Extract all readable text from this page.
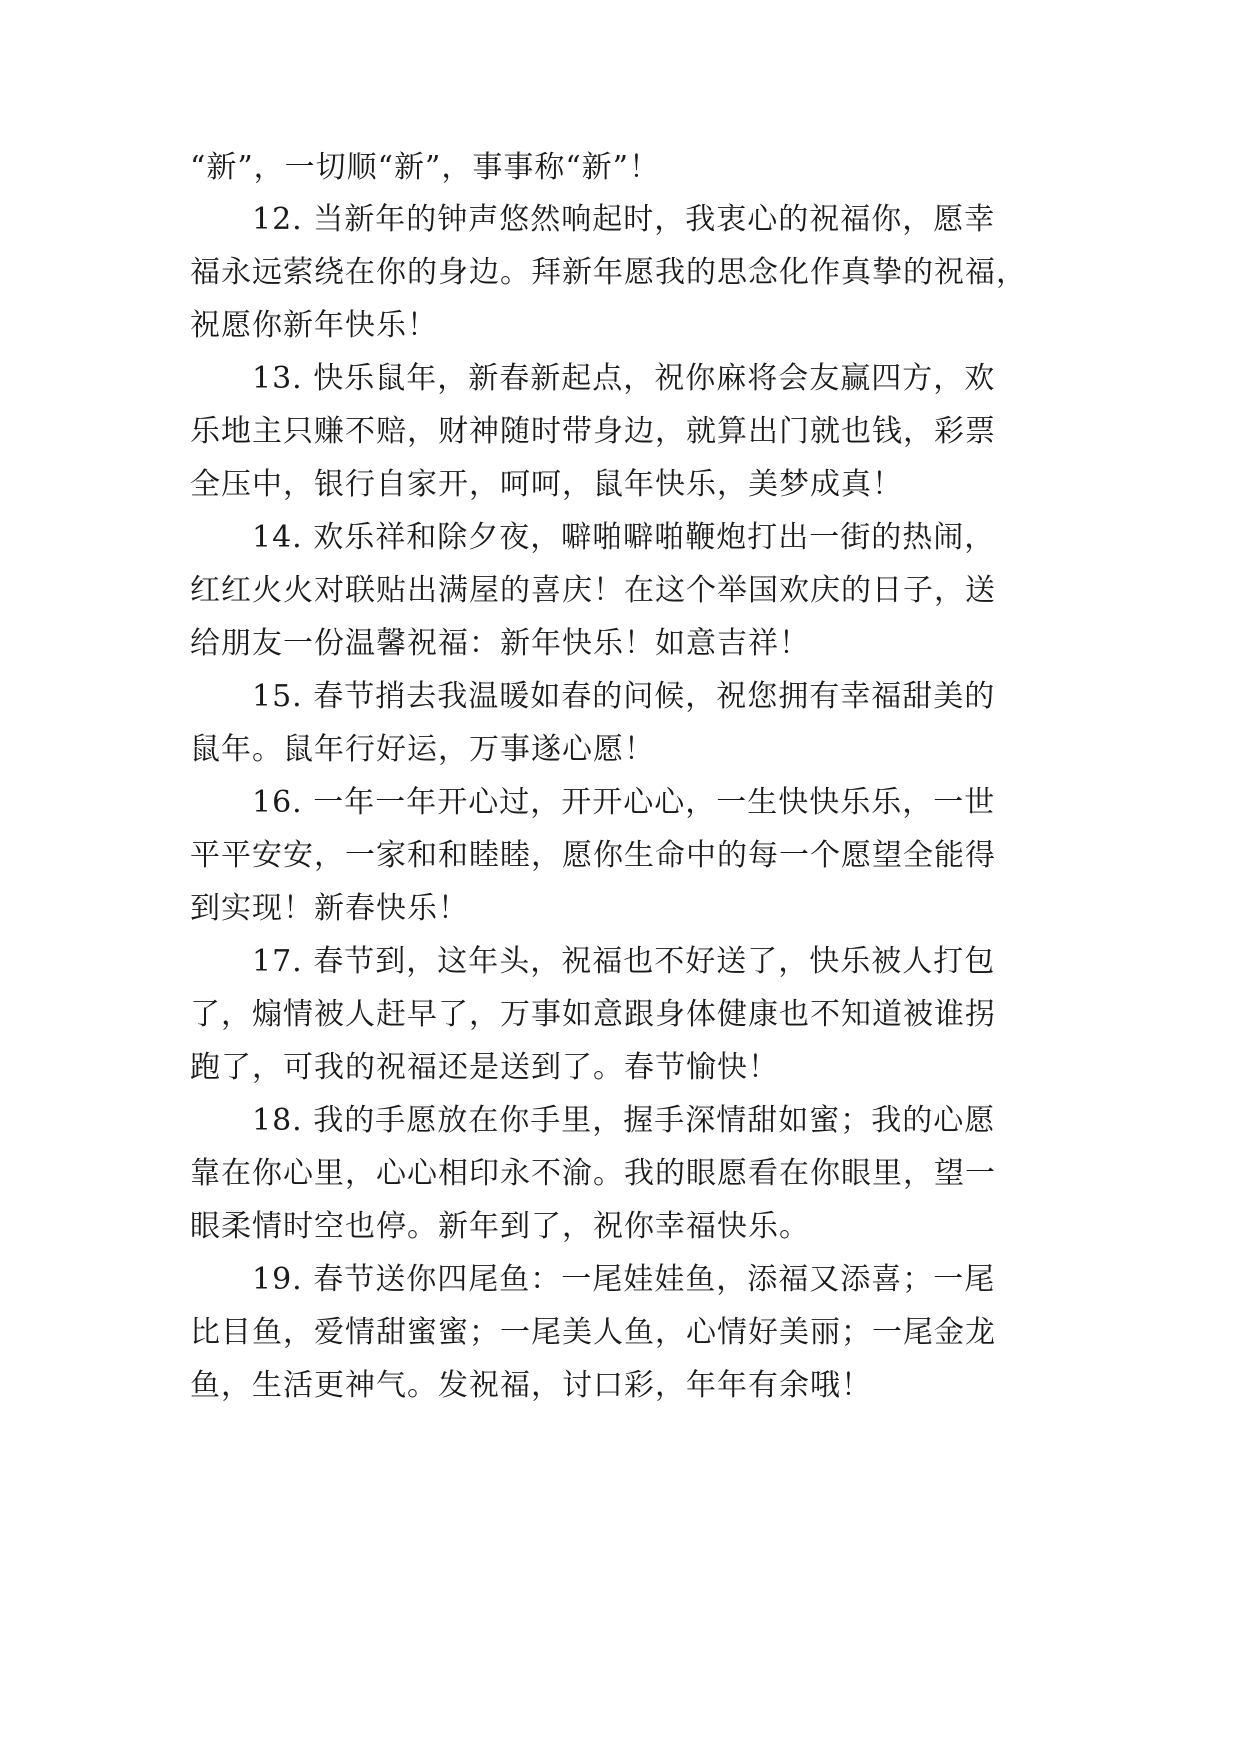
“新”，一切顺“新”，事事称“新”！
12. 当新年的钟声悠然响起时，我衷心的祝福你，愿幸
福永远萦绕在你的身边。拜新年愿我的思念化作真挚的祝福，
祝愿你新年快乐！
13. 快乐鼠年，新春新起点，祝你麻将会友赢四方，欢
乐地主只赚不赔，财神随时带身边，就算出门就也钱，彩票
全压中，银行自家开，呵呵，鼠年快乐，美梦成真！
14. 欢乐祥和除夕夜，噼啪噼啪鞭炮打出一街的热闹，
红红火火对联贴出满屋的喜庆！在这个举国欢庆的日子，送
给朋友一份温馨祝福：新年快乐！如意吉祥！
15. 春节捎去我温暖如春的问候，祝您拥有幸福甜美的
鼠年。鼠年行好运，万事遂心愿！
16. 一年一年开心过，开开心心，一生快快乐乐，一世
平平安安，一家和和睦睦，愿你生命中的每一个愿望全能得
到实现！新春快乐！
17. 春节到，这年头，祝福也不好送了，快乐被人打包
了，煽情被人赶早了，万事如意跟身体健康也不知道被谁拐
跑了，可我的祝福还是送到了。春节愉快！
18. 我的手愿放在你手里，握手深情甜如蜜；我的心愿
靠在你心里，心心相印永不渝。我的眼愿看在你眼里，望一
眼柔情时空也停。新年到了，祝你幸福快乐。
19. 春节送你四尾鱼：一尾娃娃鱼，添福又添喜；一尾
比目鱼，爱情甜蜜蜜；一尾美人鱼，心情好美丽；一尾金龙
鱼，生活更神气。发祝福，讨口彩，年年有余哦！
